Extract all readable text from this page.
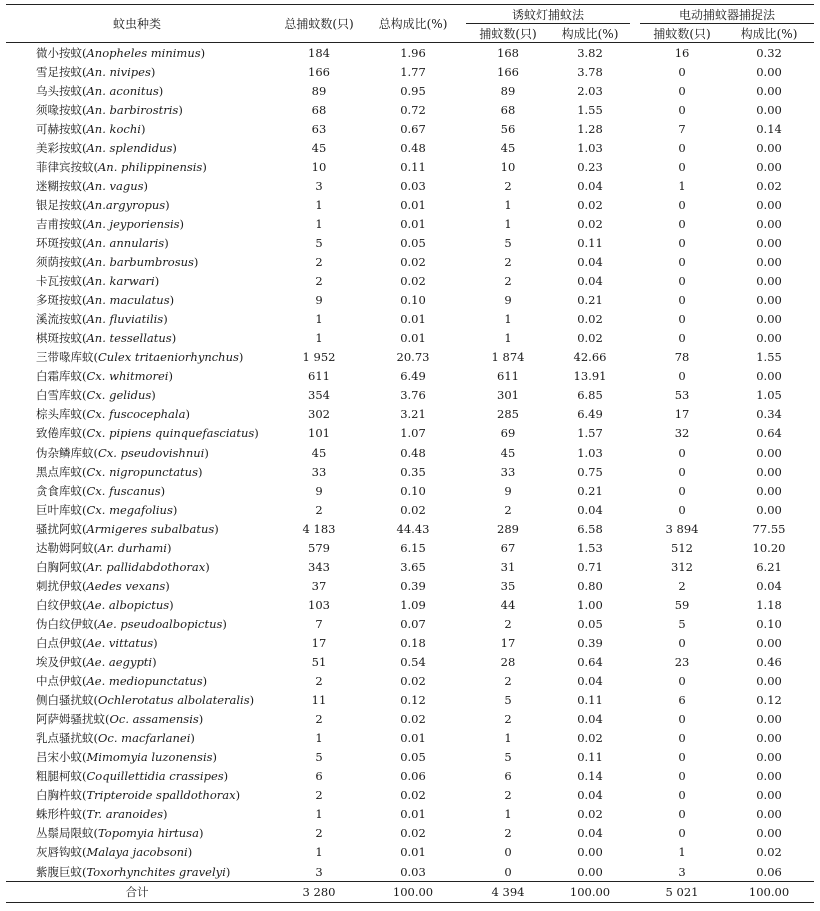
蚊虫种类	总捕蚊数(只)	总构成比(%)		诱蚊灯捕蚊法			电动捕蚊器捕捉法	
				捕蚊数(只)	构成比(%)		捕蚊数(只)	构成比(%)
微小按蚊(Anopheles minimus)	184	1.96		168	3.82		16	0.32
雪足按蚊(An. nivipes)	166	1.77		166	3.78		0	0.00
乌头按蚊(An. aconitus)	89	0.95		89	2.03		0	0.00
须喙按蚊(An. barbirostris)	68	0.72		68	1.55		0	0.00
可赫按蚊(An. kochi)	63	0.67		56	1.28		7	0.14
美彩按蚊(An. splendidus)	45	0.48		45	1.03		0	0.00
菲律宾按蚊(An. philippinensis)	10	0.11		10	0.23		0	0.00
迷糊按蚊(An. vagus)	3	0.03		2	0.04		1	0.02
银足按蚊(An.argyropus)	1	0.01		1	0.02		0	0.00
吉甫按蚊(An. jeyporiensis)	1	0.01		1	0.02		0	0.00
环斑按蚊(An. annularis)	5	0.05		5	0.11		0	0.00
须荫按蚊(An. barbumbrosus)	2	0.02		2	0.04		0	0.00
卡瓦按蚊(An. karwari)	2	0.02		2	0.04		0	0.00
多斑按蚊(An. maculatus)	9	0.10		9	0.21		0	0.00
溪流按蚊(An. fluviatilis)	1	0.01		1	0.02		0	0.00
棋斑按蚊(An. tessellatus)	1	0.01		1	0.02		0	0.00
三带喙库蚊(Culex tritaeniorhynchus)	1 952	20.73		1 874	42.66		78	1.55
白霜库蚊(Cx. whitmorei)	611	6.49		611	13.91		0	0.00
白雪库蚊(Cx. gelidus)	354	3.76		301	6.85		53	1.05
棕头库蚊(Cx. fuscocephala)	302	3.21		285	6.49		17	0.34
致倦库蚊(Cx. pipiens quinquefasciatus)	101	1.07		69	1.57		32	0.64
伪杂鳞库蚊(Cx. pseudovishnui)	45	0.48		45	1.03		0	0.00
黑点库蚊(Cx. nigropunctatus)	33	0.35		33	0.75		0	0.00
贪食库蚊(Cx. fuscanus)	9	0.10		9	0.21		0	0.00
巨叶库蚊(Cx. megafolius)	2	0.02		2	0.04		0	0.00
骚扰阿蚊(Armigeres subalbatus)	4 183	44.43		289	6.58		3 894	77.55
达勒姆阿蚊(Ar. durhami)	579	6.15		67	1.53		512	10.20
白胸阿蚊(Ar. pallidabdothorax)	343	3.65		31	0.71		312	6.21
刺扰伊蚊(Aedes vexans)	37	0.39		35	0.80		2	0.04
白纹伊蚊(Ae. albopictus)	103	1.09		44	1.00		59	1.18
伪白纹伊蚊(Ae. pseudoalbopictus)	7	0.07		2	0.05		5	0.10
白点伊蚊(Ae. vittatus)	17	0.18		17	0.39		0	0.00
埃及伊蚊(Ae. aegypti)	51	0.54		28	0.64		23	0.46
中点伊蚊(Ae. mediopunctatus)	2	0.02		2	0.04		0	0.00
侧白骚扰蚊(Ochlerotatus albolateralis)	11	0.12		5	0.11		6	0.12
阿萨姆骚扰蚊(Oc. assamensis)	2	0.02		2	0.04		0	0.00
乳点骚扰蚊(Oc. macfarlanei)	1	0.01		1	0.02		0	0.00
吕宋小蚊(Mimomyia luzonensis)	5	0.05		5	0.11		0	0.00
粗腿柯蚊(Coquillettidia crassipes)	6	0.06		6	0.14		0	0.00
白胸杵蚊(Tripteroide spalldothorax)	2	0.02		2	0.04		0	0.00
蛛形杵蚊(Tr. aranoides)	1	0.01		1	0.02		0	0.00
丛鬃局限蚊(Topomyia hirtusa)	2	0.02		2	0.04		0	0.00
灰唇钩蚊(Malaya jacobsoni)	1	0.01		0	0.00		1	0.02
紫腹巨蚊(Toxorhynchites gravelyi)	3	0.03		0	0.00		3	0.06
合计	3 280	100.00		4 394	100.00		5 021	100.00
